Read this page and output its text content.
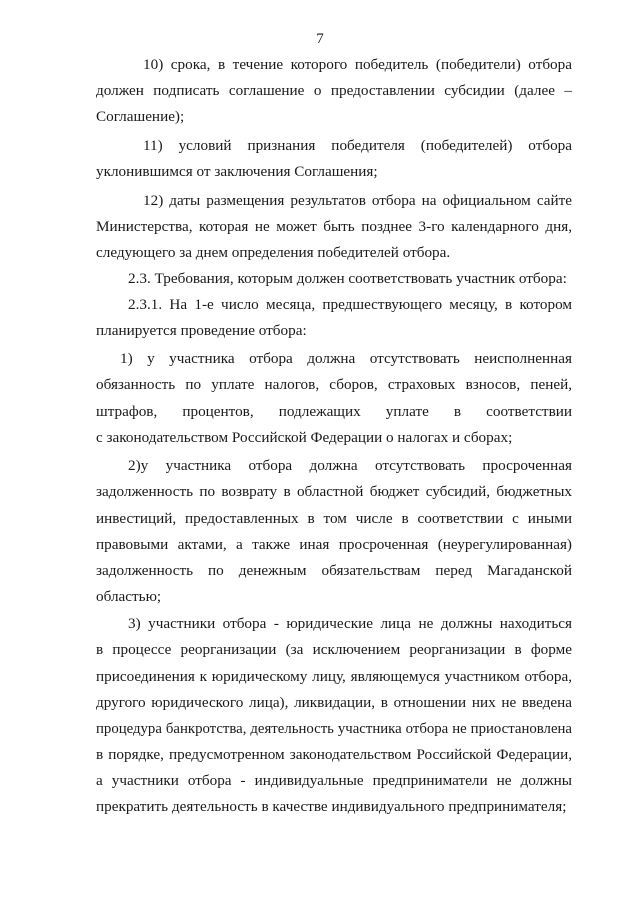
7
10) срока, в течение которого победитель (победители) отбора
должен подписать соглашение о предоставлении субсидии (далее –
Соглашение);
11) условий признания победителя (победителей) отбора
уклонившимся от заключения Соглашения;
12) даты размещения результатов отбора на официальном сайте
Министерства, которая не может быть позднее 3-го календарного дня,
следующего за днем определения победителей отбора.
2.3. Требования, которым должен соответствовать участник отбора:
2.3.1. На 1-е число месяца, предшествующего месяцу, в котором
планируется проведение отбора:
1) у участника отбора должна отсутствовать неисполненная
обязанность по уплате налогов, сборов, страховых взносов, пеней,
штрафов, процентов, подлежащих уплате в соответствии
с законодательством Российской Федерации о налогах и сборах;
2)у участника отбора должна отсутствовать просроченная
задолженность по возврату в областной бюджет субсидий, бюджетных
инвестиций, предоставленных в том числе в соответствии с иными
правовыми актами, а также иная просроченная (неурегулированная)
задолженность по денежным обязательствам перед Магаданской
областью;
3) участники отбора - юридические лица не должны находиться
в процессе реорганизации (за исключением реорганизации в форме
присоединения к юридическому лицу, являющемуся участником отбора,
другого юридического лица), ликвидации, в отношении них не введена
процедура банкротства, деятельность участника отбора не приостановлена
в порядке, предусмотренном законодательством Российской Федерации,
а участники отбора - индивидуальные предприниматели не должны
прекратить деятельность в качестве индивидуального предпринимателя;
